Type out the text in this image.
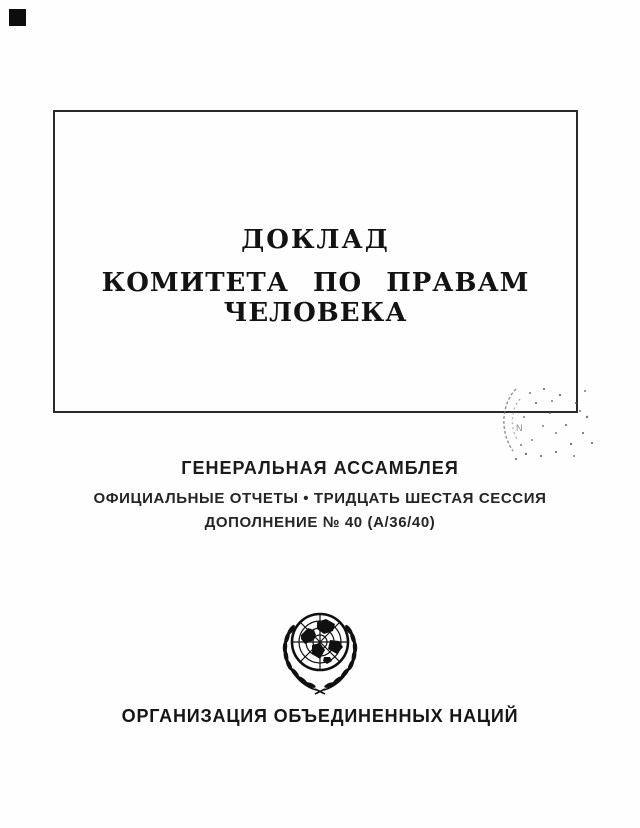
ДОКЛАД
КОМИТЕТА ПО ПРАВАМ ЧЕЛОВЕКА
N
ГЕНЕРАЛЬНАЯ АССАМБЛЕЯ
ОФИЦИАЛЬНЫЕ ОТЧЕТЫ • ТРИДЦАТЬ ШЕСТАЯ СЕССИЯ
ДОПОЛНЕНИЕ № 40 (А/36/40)
ОРГАНИЗАЦИЯ ОБЪЕДИНЕННЫХ НАЦИЙ
